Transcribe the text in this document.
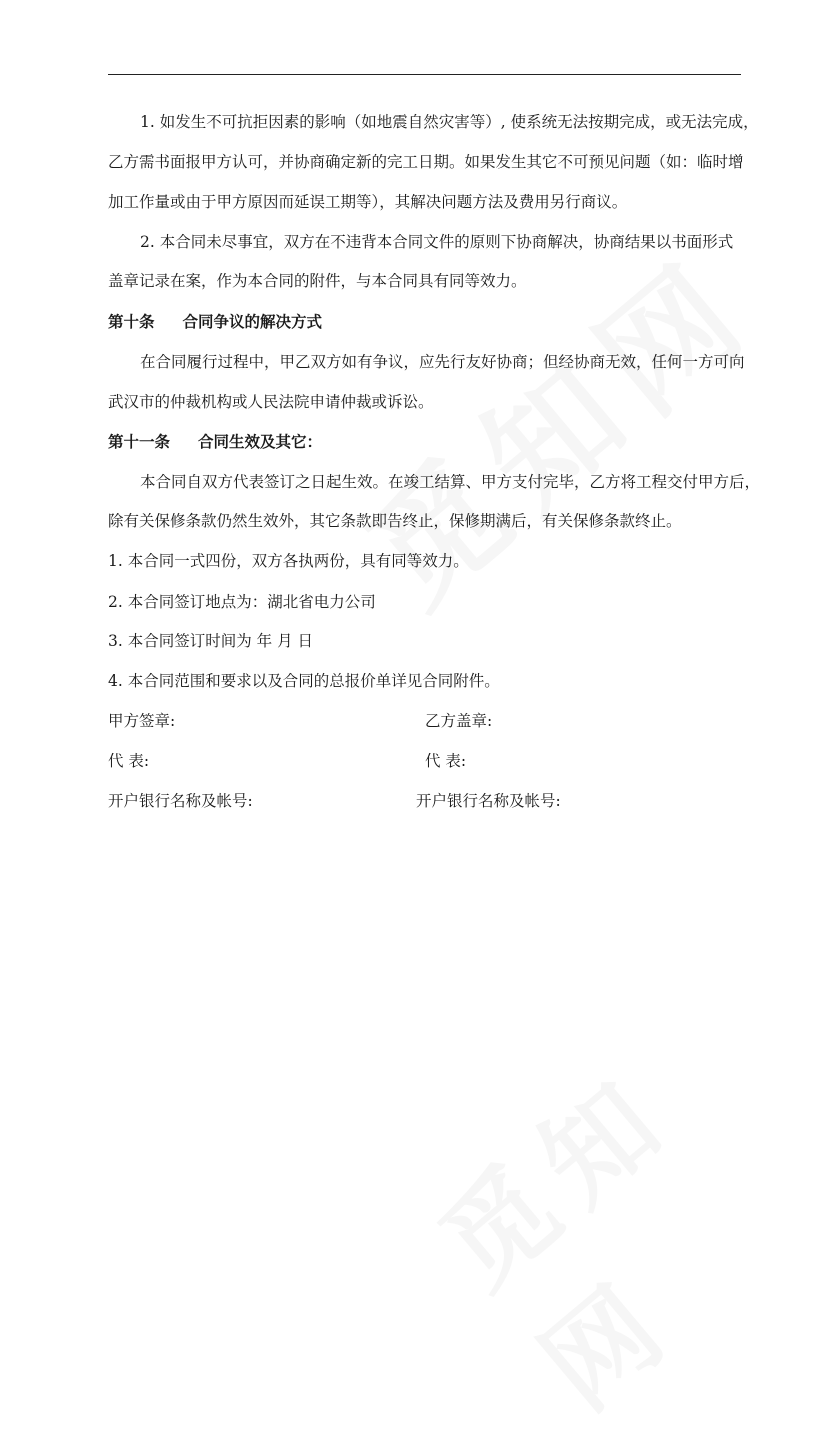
1. 如发生不可抗拒因素的影响（如地震自然灾害等）, 使系统无法按期完成，或无法完成，
乙方需书面报甲方认可，并协商确定新的完工日期。如果发生其它不可预见问题（如：临时增
加工作量或由于甲方原因而延误工期等），其解决问题方法及费用另行商议。
2. 本合同未尽事宜，双方在不违背本合同文件的原则下协商解决，协商结果以书面形式
盖章记录在案，作为本合同的附件，与本合同具有同等效力。
第十条 合同争议的解决方式
在合同履行过程中，甲乙双方如有争议，应先行友好协商；但经协商无效，任何一方可向
武汉市的仲裁机构或人民法院申请仲裁或诉讼。
第十一条 合同生效及其它：
本合同自双方代表签订之日起生效。在竣工结算、甲方支付完毕，乙方将工程交付甲方后，
除有关保修条款仍然生效外，其它条款即告终止，保修期满后，有关保修条款终止。
1. 本合同一式四份，双方各执两份，具有同等效力。
2. 本合同签订地点为：湖北省电力公司
3. 本合同签订时间为 年 月 日
4. 本合同范围和要求以及合同的总报价单详见合同附件。
甲方签章:	乙方盖章:
代 表:	代 表:
开户银行名称及帐号:	开户银行名称及帐号:
